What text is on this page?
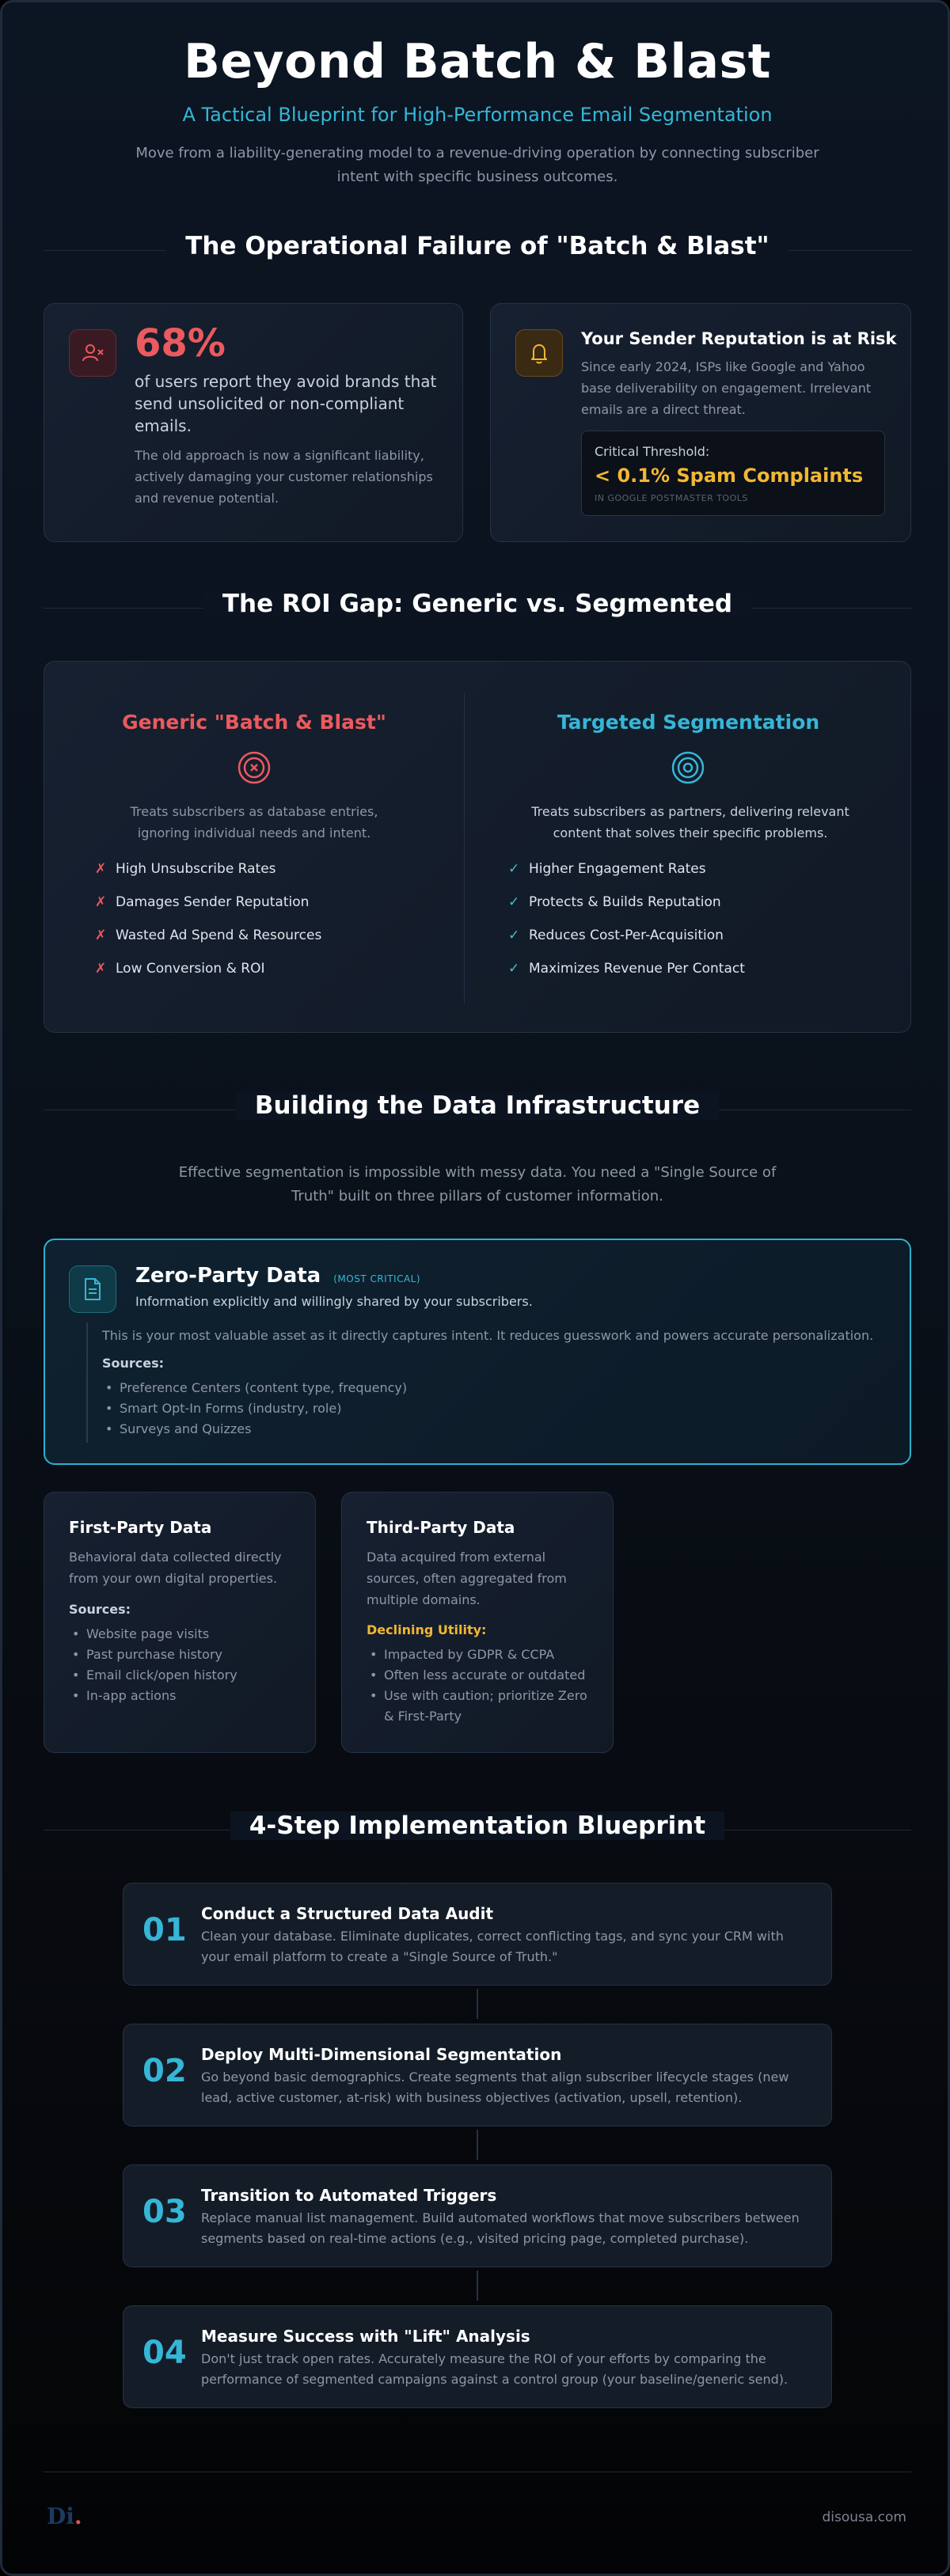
Beyond Batch & Blast
A Tactical Blueprint for High-Performance Email Segmentation
Move from a liability-generating model to a revenue-driving operation by connecting subscriber intent with specific business outcomes.
The Operational Failure of "Batch & Blast"
68%
of users report they avoid brands that send unsolicited or non-compliant emails.
The old approach is now a significant liability, actively damaging your customer relationships and revenue potential.
Your Sender Reputation is at Risk
Since early 2024, ISPs like Google and Yahoo base deliverability on engagement. Irrelevant emails are a direct threat.
Critical Threshold:
< 0.1% Spam Complaints
IN GOOGLE POSTMASTER TOOLS
The ROI Gap: Generic vs. Segmented
Generic "Batch & Blast"
Treats subscribers as database entries, ignoring individual needs and intent.
✗ High Unsubscribe Rates
✗ Damages Sender Reputation
✗ Wasted Ad Spend & Resources
✗ Low Conversion & ROI
Targeted Segmentation
Treats subscribers as partners, delivering relevant content that solves their specific problems.
✓ Higher Engagement Rates
✓ Protects & Builds Reputation
✓ Reduces Cost-Per-Acquisition
✓ Maximizes Revenue Per Contact
Building the Data Infrastructure
Effective segmentation is impossible with messy data. You need a "Single Source of Truth" built on three pillars of customer information.
Zero-Party Data (MOST CRITICAL)
Information explicitly and willingly shared by your subscribers.
This is your most valuable asset as it directly captures intent. It reduces guesswork and powers accurate personalization.
Sources:
• Preference Centers (content type, frequency)
• Smart Opt-In Forms (industry, role)
• Surveys and Quizzes
First-Party Data
Behavioral data collected directly from your own digital properties.
Sources:
• Website page visits
• Past purchase history
• Email click/open history
• In-app actions
Third-Party Data
Data acquired from external sources, often aggregated from multiple domains.
Declining Utility:
• Impacted by GDPR & CCPA
• Often less accurate or outdated
• Use with caution; prioritize Zero & First-Party
4-Step Implementation Blueprint
01 Conduct a Structured Data Audit
Clean your database. Eliminate duplicates, correct conflicting tags, and sync your CRM with your email platform to create a "Single Source of Truth."
02 Deploy Multi-Dimensional Segmentation
Go beyond basic demographics. Create segments that align subscriber lifecycle stages (new lead, active customer, at-risk) with business objectives (activation, upsell, retention).
03 Transition to Automated Triggers
Replace manual list management. Build automated workflows that move subscribers between segments based on real-time actions (e.g., visited pricing page, completed purchase).
04 Measure Success with "Lift" Analysis
Don't just track open rates. Accurately measure the ROI of your efforts by comparing the performance of segmented campaigns against a control group (your baseline/generic send).
Di.	disousa.com
